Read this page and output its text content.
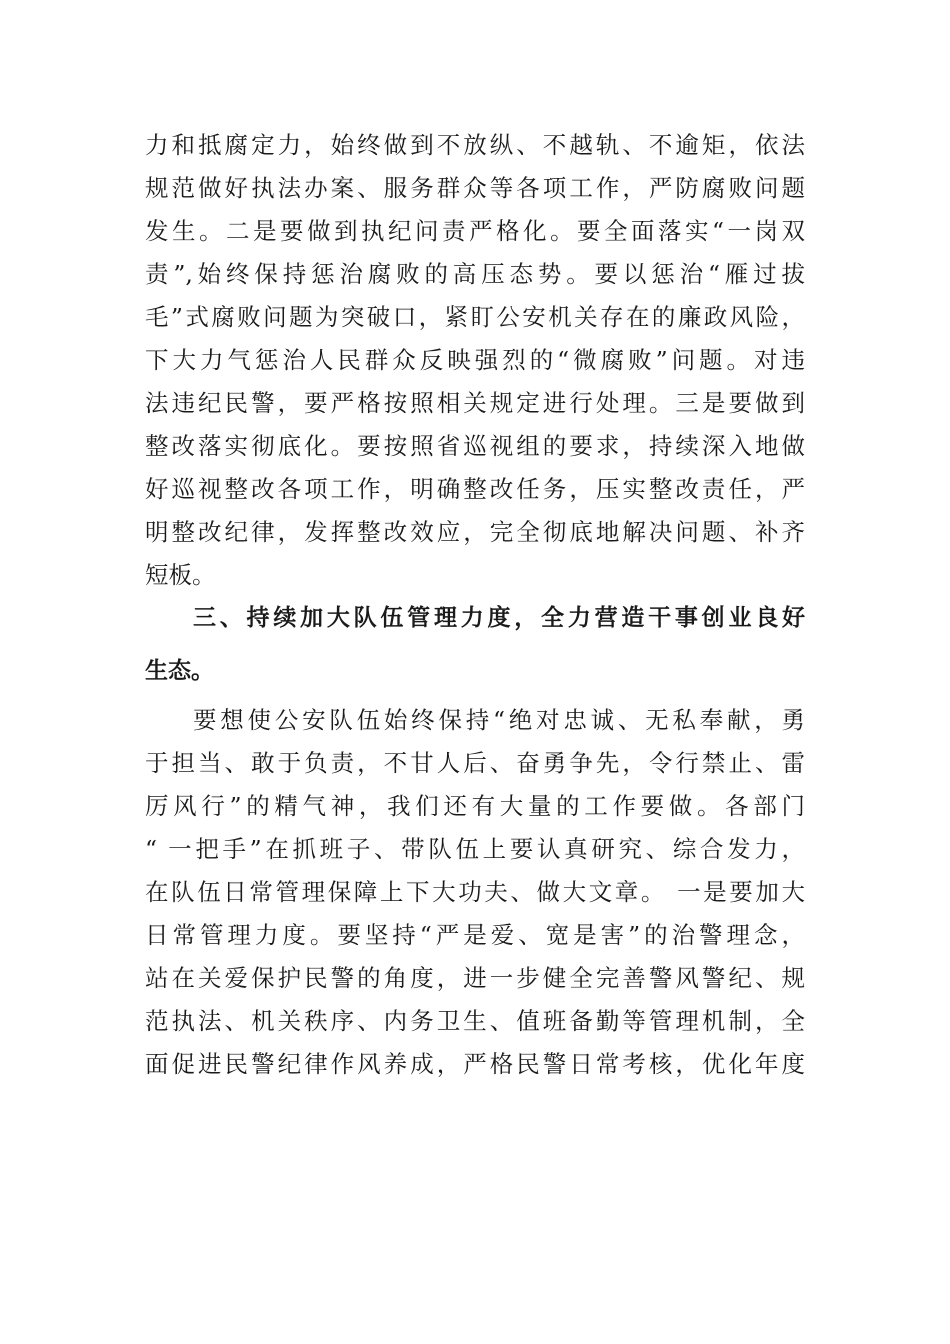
力和抵腐定力，始终做到不放纵、不越轨、不逾矩，依法
规范做好执法办案、服务群众等各项工作，严防腐败问题
发生。二是要做到执纪问责严格化。要全面落实“一岗双
责”,始终保持惩治腐败的高压态势。要以惩治“雁过拔
毛”式腐败问题为突破口，紧盯公安机关存在的廉政风险，
下大力气惩治人民群众反映强烈的“微腐败”问题。对违
法违纪民警，要严格按照相关规定进行处理。三是要做到
整改落实彻底化。要按照省巡视组的要求，持续深入地做
好巡视整改各项工作，明确整改任务，压实整改责任，严
明整改纪律，发挥整改效应，完全彻底地解决问题、补齐
短板。
三、持续加大队伍管理力度，全力营造干事创业良好
生态。
要想使公安队伍始终保持“绝对忠诚、无私奉献，勇
于担当、敢于负责，不甘人后、奋勇争先，令行禁止、雷
厉风行”的精气神，我们还有大量的工作要做。各部门
“ 一把手”在抓班子、带队伍上要认真研究、综合发力，
在队伍日常管理保障上下大功夫、做大文章。 一是要加大
日常管理力度。要坚持“严是爱、宽是害”的治警理念，
站在关爱保护民警的角度，进一步健全完善警风警纪、规
范执法、机关秩序、内务卫生、值班备勤等管理机制，全
面促进民警纪律作风养成，严格民警日常考核，优化年度
